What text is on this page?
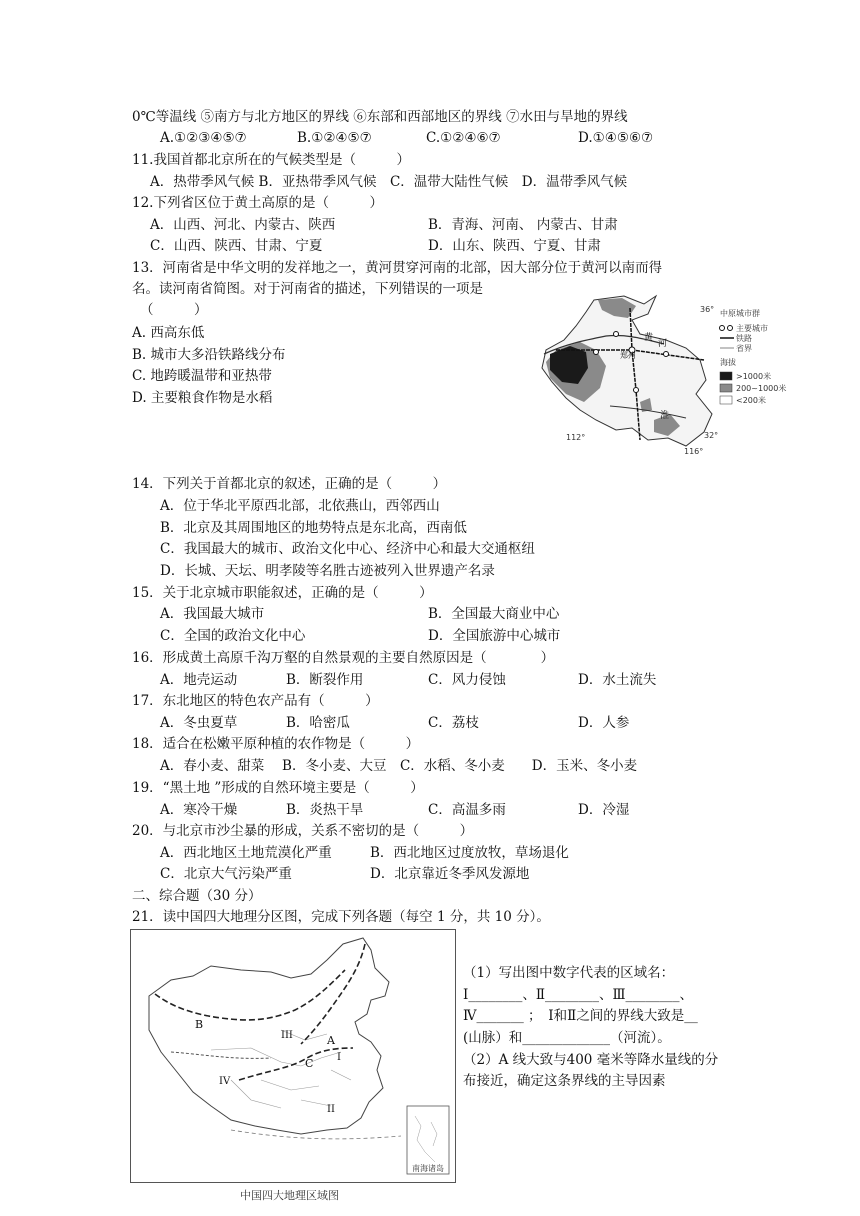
0℃等温线 ⑤南方与北方地区的界线 ⑥东部和西部地区的界线 ⑦水田与旱地的界线
A.①②③④⑤⑦	B.①②④⑤⑦	C.①②④⑥⑦	D.①④⑤⑥⑦
11.我国首都北京所在的气候类型是（　　　）
A．热带季风气候 B．亚热带季风气候　C．温带大陆性气候　D．温带季风气候
12.下列省区位于黄土高原的是（　　　）
A．山西、河北、内蒙古、陕西	B．青海、河南、 内蒙古、甘肃
C．山西、陕西、甘肃、宁夏	D．山东、陕西、宁夏、甘肃
13．河南省是中华文明的发祥地之一，黄河贯穿河南的北部，因大部分位于黄河以南而得
名。读河南省简图。对于河南省的描述，下列错误的一项是
（　　　）
A. 西高东低
B. 城市大多沿铁路线分布
C. 地跨暖温带和亚热带
D. 主要粮食作物是水稻
郑州
黄
河
淮
36°
32°
112°
116°
中原城市群
主要城市
铁路
省界
海拔
>1000米
200~1000米
<200米
14．下列关于首都北京的叙述，正确的是（　　　）
A．位于华北平原西北部，北依燕山，西邻西山
B．北京及其周围地区的地势特点是东北高，西南低
C．我国最大的城市、政治文化中心、经济中心和最大交通枢纽
D．长城、天坛、明孝陵等名胜古迹被列入世界遗产名录
15．关于北京城市职能叙述，正确的是（　　　）
A．我国最大城市	B．全国最大商业中心
C．全国的政治文化中心	D．全国旅游中心城市
16．形成黄土高原千沟万壑的自然景观的主要自然原因是（　　　　）
A．地壳运动	B．断裂作用	C．风力侵蚀	D．水土流失
17．东北地区的特色农产品有（　　　）
A．冬虫夏草	B．哈密瓜	C．荔枝	D．人参
18．适合在松嫩平原种植的农作物是（　　　）
A．春小麦、甜菜　 B．冬小麦、大豆　C．水稻、冬小麦　　D．玉米、冬小麦
19．“黑土地 ”形成的自然环境主要是（　　　）
A．寒冷干燥	B．炎热干旱	C．高温多雨	D．冷湿
20．与北京市沙尘暴的形成，关系不密切的是（　　　）
A．西北地区土地荒漠化严重	B．西北地区过度放牧，草场退化
C．北京大气污染严重	D．北京靠近冬季风发源地
二、综合题（30 分）
21．读中国四大地理分区图，完成下列各题（每空 1 分，共 10 分）。
南海诸岛
B
III	A
I
C
IV
II
中国四大地理区域图
（1）写出图中数字代表的区域名：
Ⅰ________、Ⅱ________、Ⅲ________、
Ⅳ_______ ；　Ⅰ和Ⅱ之间的界线大致是__
(山脉）和_____________（河流）。
（2）A 线大致与400 毫米等降水量线的分
布接近，确定这条界线的主导因素
